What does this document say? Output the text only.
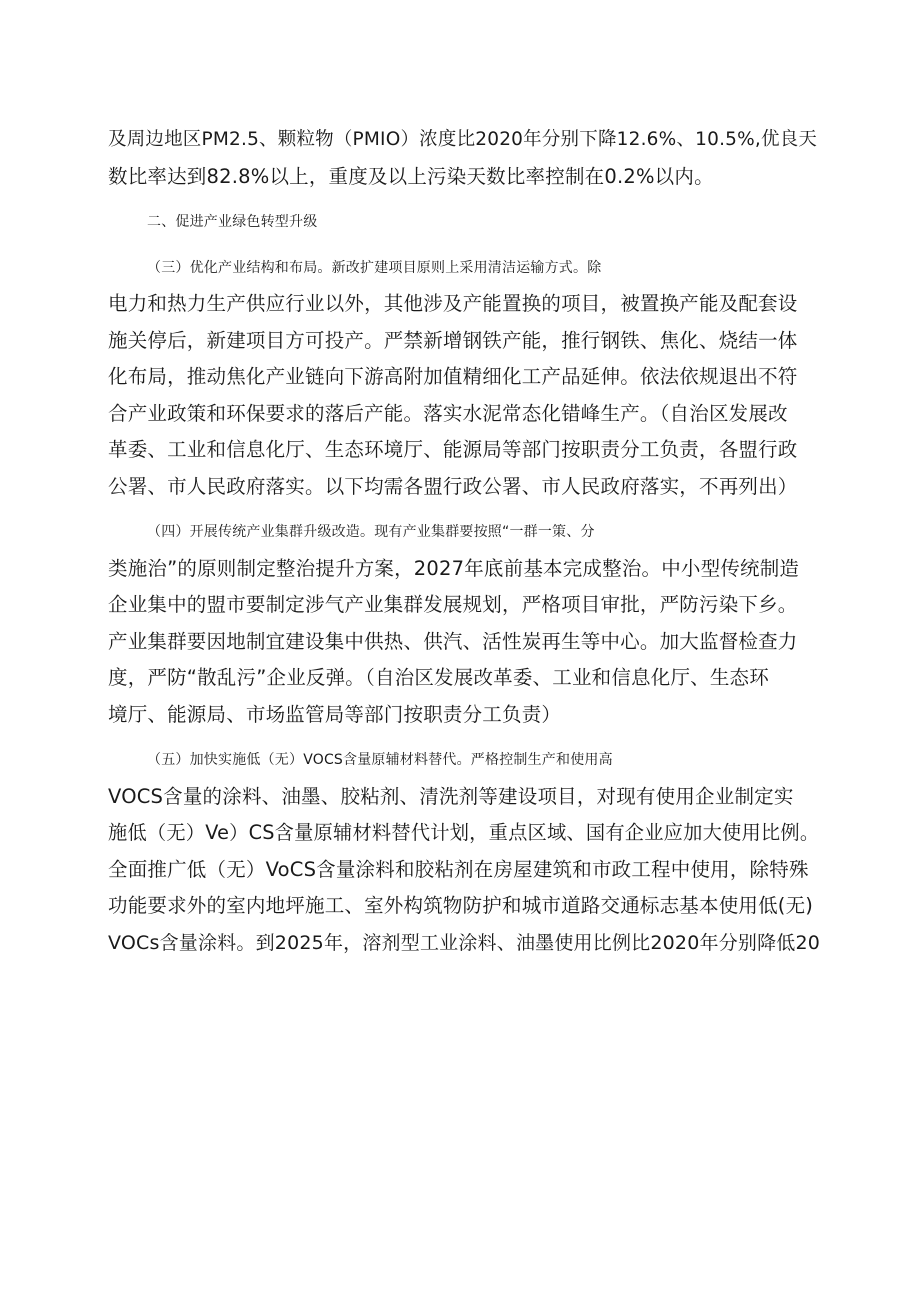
及周边地区PM2.5、颗粒物（PMIO）浓度比2020年分别下降12.6%、10.5%,优良天
数比率达到82.8%以上，重度及以上污染天数比率控制在0.2%以内。

二、促进产业绿色转型升级

（三）优化产业结构和布局。新改扩建项目原则上采用清洁运输方式。除
电力和热力生产供应行业以外，其他涉及产能置换的项目，被置换产能及配套设
施关停后，新建项目方可投产。严禁新增钢铁产能，推行钢铁、焦化、烧结一体
化布局，推动焦化产业链向下游高附加值精细化工产品延伸。依法依规退出不符
合产业政策和环保要求的落后产能。落实水泥常态化错峰生产。（自治区发展改
革委、工业和信息化厅、生态环境厅、能源局等部门按职责分工负责，各盟行政
公署、市人民政府落实。以下均需各盟行政公署、市人民政府落实，不再列出）

（四）开展传统产业集群升级改造。现有产业集群要按照“一群一策、分
类施治”的原则制定整治提升方案，2027年底前基本完成整治。中小型传统制造
企业集中的盟市要制定涉气产业集群发展规划，严格项目审批，严防污染下乡。
产业集群要因地制宜建设集中供热、供汽、活性炭再生等中心。加大监督检查力
度，严防“散乱污”企业反弹。（自治区发展改革委、工业和信息化厅、生态环
境厅、能源局、市场监管局等部门按职责分工负责）

（五）加快实施低（无）VOCS含量原辅材料替代。严格控制生产和使用高
VOCS含量的涂料、油墨、胶粘剂、清洗剂等建设项目，对现有使用企业制定实
施低（无）Ve）CS含量原辅材料替代计划，重点区域、国有企业应加大使用比例。
全面推广低（无）VoCS含量涂料和胶粘剂在房屋建筑和市政工程中使用，除特殊
功能要求外的室内地坪施工、室外构筑物防护和城市道路交通标志基本使用低(无)
VOCs含量涂料。到2025年，溶剂型工业涂料、油墨使用比例比2020年分别降低20
